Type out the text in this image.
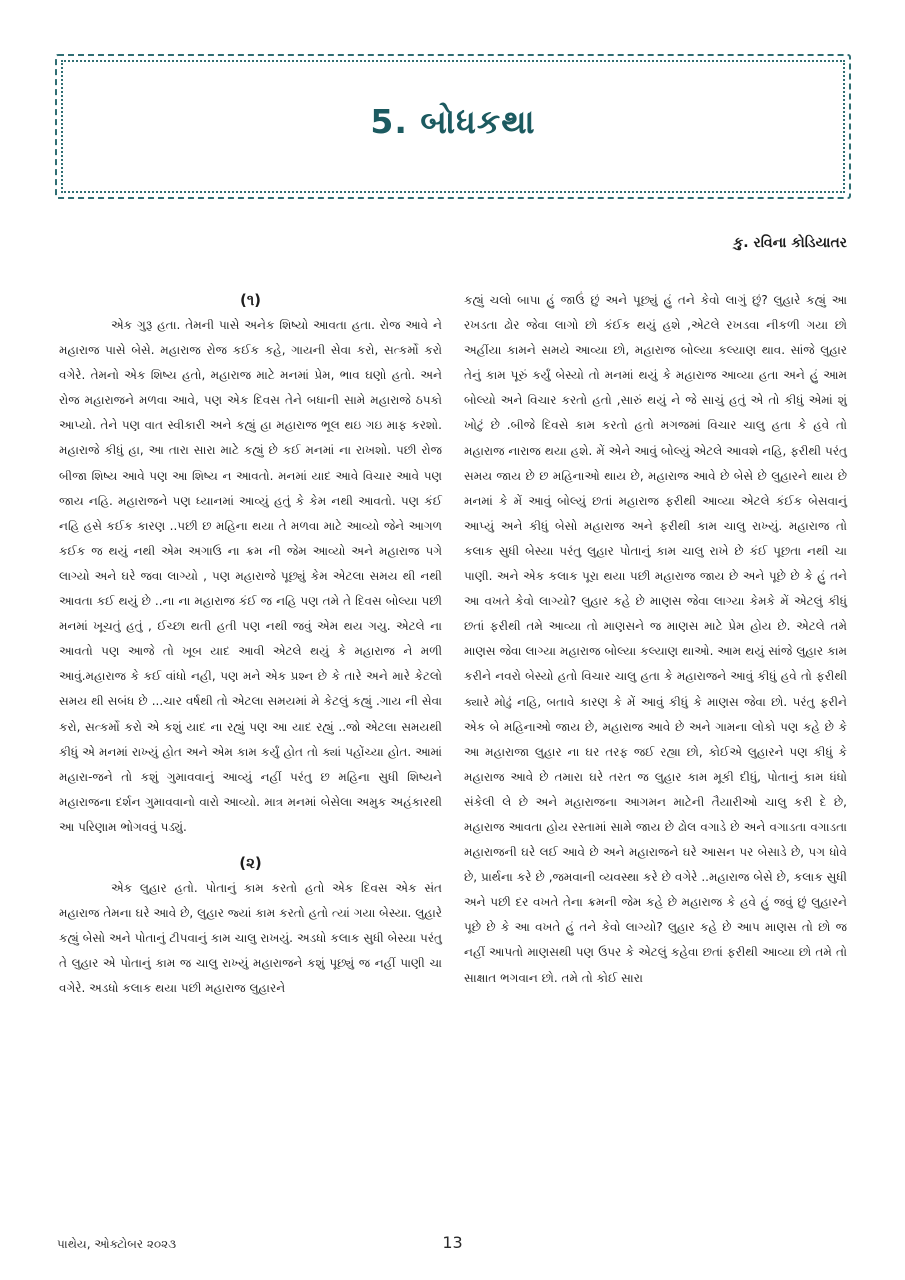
5. બોધકથા
કુ. રવિના કોડિયાતર

(૧)

એક ગુરૂ હતા. તેમની પાસે અનેક શિષ્યો આવતા હતા. રોજ આવે ને મહારાજ પાસે બેસે. મહારાજ રોજ કઈક કહે, ગાયની સેવા કરો, સત્કર્મો કરો વગેરે. તેમનો એક શિષ્ય હતો, મહારાજ માટે મનમાં પ્રેમ, ભાવ ઘણો હતો. અને રોજ મહારાજને મળવા આવે, પણ એક દિવસ તેને બધાની સામે મહારાજે ઠપકો આપ્યો. તેને પણ વાત સ્વીકારી અને કહ્યું હા મહારાજ ભૂલ થઇ ગઇ માફ કરશો. મહારાજે કીધું હા, આ તારા સારા માટે કહ્યું છે કઈ મનમાં ના રાખશો. પછી રોજ બીજા શિષ્ય આવે પણ આ શિષ્ય ન આવતો. મનમાં યાદ આવે વિચાર આવે પણ જાય નહિ. મહારાજને પણ ધ્યાનમાં આવ્યું હતું કે કેમ નથી આવતો. પણ કંઈ નહિ હસે કઈક કારણ ..પછી છ મહિના થયા તે મળવા માટે આવ્યો જેને આગળ કઈક જ થયું નથી એમ અગાઉ ના ક્રમ ની જેમ આવ્યો અને મહારાજ પગે લાગ્યો અને ઘરે જવા લાગ્યો , પણ મહારાજે પૂછ્યું કેમ એટલા સમય થી નથી આવતા કઈ થયું છે ..ના ના મહારાજ કંઈ જ નહિ પણ તમે તે દિવસ બોલ્યા પછી મનમાં ખૂચતું હતું , ઈચ્છા થતી હતી પણ નથી જવું એમ થય ગયુ. એટલે ના આવતો પણ આજે તો ખૂબ યાદ આવી એટલે થયું કે મહારાજ ને મળી આવું.મહારાજ કે કઈ વાંધો નહી, પણ મને એક પ્રશ્ન છે કે તારે અને મારે કેટલો સમય થી સબંધ છે ...ચાર વર્ષથી તો એટલા સમયમાં મે કેટલું કહ્યું .ગાય ની સેવા કરો, સત્કર્મો કરો એ કશું યાદ ના રહ્યું પણ આ યાદ રહ્યું ..જો એટલા સમયથી કીધું એ મનમાં રાખ્યું હોત અને એમ કામ કર્યું હોત તો ક્યાં પહોંચ્યા હોત. આમાં મહારા-જને તો કશું ગુમાવવાનું આવ્યું નહીં પરંતુ છ મહિના સુધી શિષ્યને મહારાજના દર્શન ગુમાવવાનો વારો આવ્યો. માત્ર મનમાં બેસેલા અમુક અહંકારથી આ પરિણામ ભોગવવું પડ્યું.

(૨)

એક લુહાર હતો. પોતાનું કામ કરતો હતો એક દિવસ એક સંત મહારાજ તેમના ઘરે આવે છે, લુહાર જ્યાં કામ કરતો હતો ત્યાં ગયા બેસ્યા. લુહારે કહ્યું બેસો અને પોતાનું ટીપવાનું કામ ચાલુ રાખયું. અડધો કલાક સુધી બેસ્યા પરંતુ તે લુહાર એ પોતાનું કામ જ ચાલુ રાખ્યું મહારાજને કશું પૂછ્યું જ નહીં પાણી ચા વગેરે. અડધો કલાક થયા પછી મહારાજ લુહારને

કહ્યું ચલો બાપા હું જાઉં છું અને પૂછ્યું હું તને કેવો લાગું છું? લુહારે કહ્યું આ રખડતા ઢોર જેવા લાગો છો કંઈક થયું હશે ,એટલે રખડવા નીકળી ગયા છો અહીંયા કામને સમયે આવ્યા છો, મહારાજ બોલ્યા કલ્યાણ થાવ. સાંજે લુહાર તેનું કામ પૂરું કર્યું બેસ્યો તો મનમાં થયું કે મહારાજ આવ્યા હતા અને હું આમ બોલ્યો અને વિચાર કરતો હતો ,સારું થયું ને જે સાચું હતું એ તો કીધું એમાં શું ખોટું છે .બીજે દિવસે કામ કરતો હતો મગજમાં વિચાર ચાલુ હતા કે હવે તો મહારાજ નારાજ થયા હશે. મેં એને આવું બોલ્યું એટલે આવશે નહિ, ફરીથી પરંતુ સમય જાય છે છ મહિનાઓ થાય છે, મહારાજ આવે છે બેસે છે લુહારને થાય છે મનમાં કે મેં આવું બોલ્યું છતાં મહારાજ ફરીથી આવ્યા એટલે કંઈક બેસવાનું આપ્યું અને કીધું બેસો મહારાજ અને ફરીથી કામ ચાલુ રાખ્યું. મહારાજ તો કલાક સુધી બેસ્યા પરંતુ લુહાર પોતાનું કામ ચાલુ રાખે છે કંઈ પૂછતા નથી ચા પાણી. અને એક કલાક પૂરા થયા પછી મહારાજ જાય છે અને પૂછે છે કે હું તને આ વખતે કેવો લાગ્યો? લુહાર કહે છે માણસ જેવા લાગ્યા કેમકે મેં એટલું કીધું છતાં ફરીથી તમે આવ્યા તો માણસને જ માણસ માટે પ્રેમ હોય છે. એટલે તમે માણસ જેવા લાગ્યા મહારાજ બોલ્યા કલ્યાણ થાઓ. આમ થયું સાંજે લુહાર કામ કરીને નવરો બેસ્યો હતો વિચાર ચાલુ હતા કે મહારાજને આવું કીધું હવે તો ફરીથી ક્યારે મોઢું નહિ, બતાવે કારણ કે મેં આવું કીધું કે માણસ જેવા છો. પરંતુ ફરીને એક બે મહિનાઓ જાય છે, મહારાજ આવે છે અને ગામના લોકો પણ કહે છે કે આ મહારાજા લુહાર ના ઘર તરફ જઈ રહ્યા છો, કોઈએ લુહારને પણ કીધું કે મહારાજ આવે છે તમારા ઘરે તરત જ લુહાર કામ મૂકી દીધું, પોતાનું કામ ધંધો સંકેલી લે છે અને મહારાજના આગમન માટેની તૈયારીઓ ચાલુ કરી દે છે, મહારાજ આવતા હોય રસ્તામાં સામે જાય છે ઢોલ વગાડે છે અને વગાડતા વગાડતા મહારાજની ઘરે લઈ આવે છે અને મહારાજને ઘરે આસન પર બેસાડે છે, પગ ધોવે છે, પ્રાર્થના કરે છે ,જમવાની વ્યવસ્થા કરે છે વગેરે ..મહારાજ બેસે છે, કલાક સુધી અને પછી દર વખતે તેના ક્રમની જેમ કહે છે મહારાજ કે હવે હું જવું છું લુહારને પૂછે છે કે આ વખતે હું તને કેવો લાગ્યો? લુહાર કહે છે આપ માણસ તો છો જ નહીં આપતો માણસથી પણ ઉપર કે એટલું કહેવા છતાં ફરીથી આવ્યા છો તમે તો સાક્ષાત ભગવાન છો. તમે તો કોઈ સારા

પાથેય, ઓક્ટોબર ૨૦૨૩	13
